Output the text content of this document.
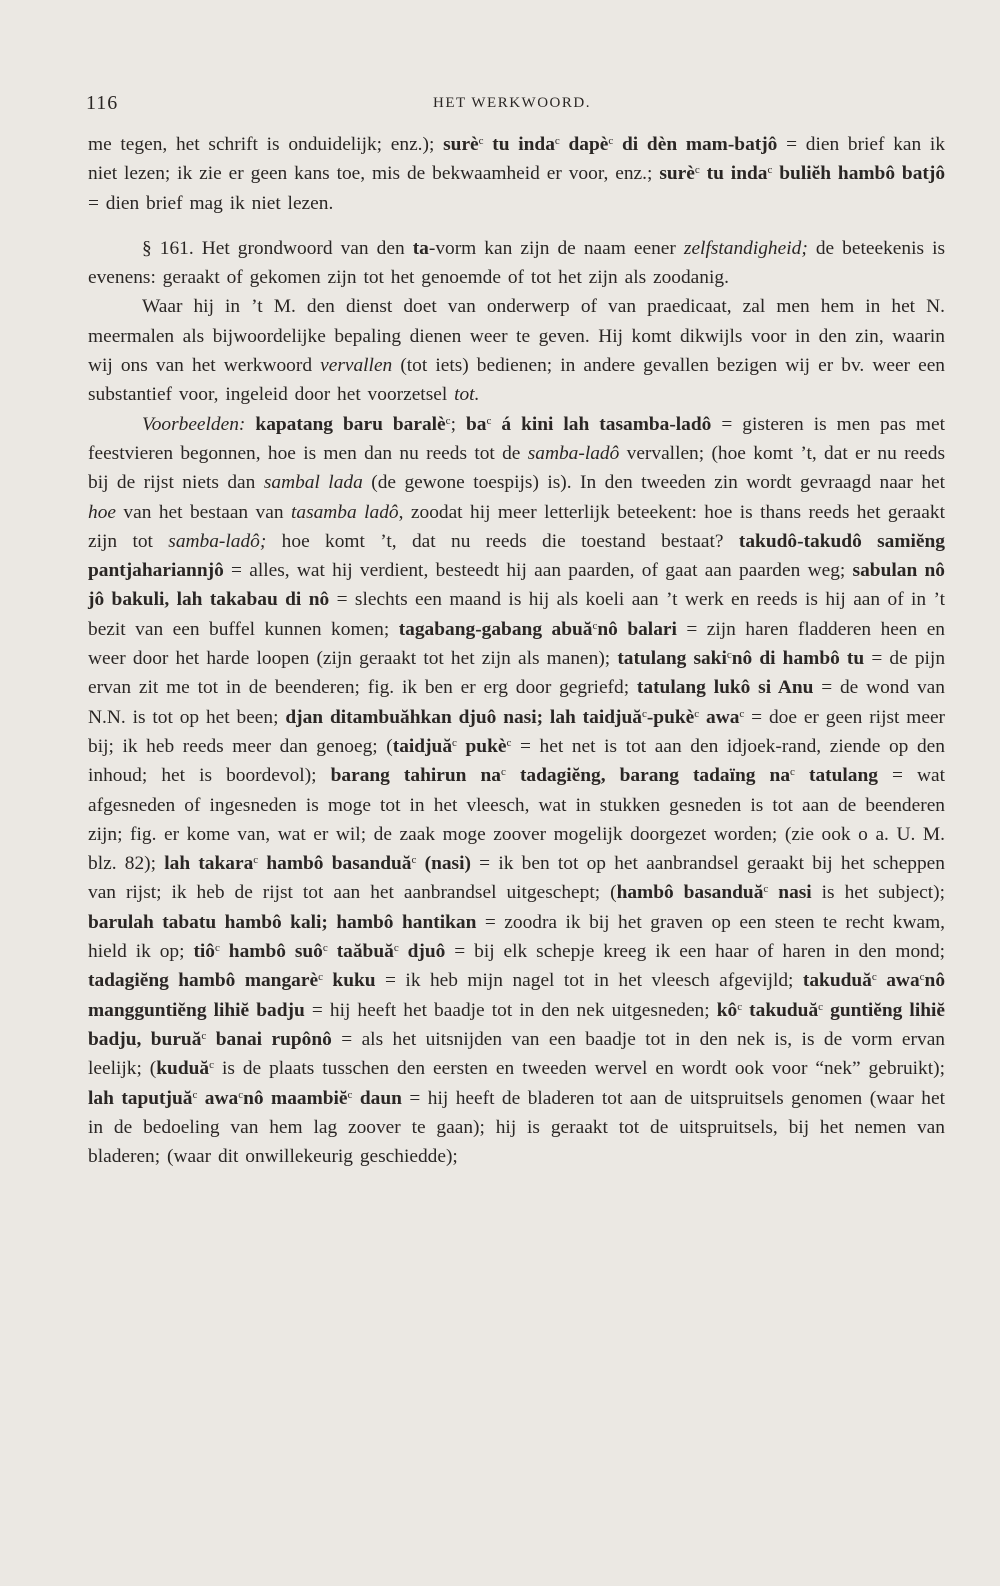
116	HET WERKWOORD.

me tegen, het schrift is onduidelijk; enz.); surè$^c$ tu inda$^c$ dapè$^c$ di dèn mam-batjô = dien brief kan ik niet lezen; ik zie er geen kans toe, mis de bekwaamheid er voor, enz.; surè$^c$ tu inda$^c$ buliĕh hambô batjô = dien brief mag ik niet lezen.

§ 161. Het grondwoord van den ta-vorm kan zijn de naam eener zelfstandigheid; de beteekenis is evenens: geraakt of gekomen zijn tot het genoemde of tot het zijn als zoodanig.

Waar hij in ’t M. den dienst doet van onderwerp of van praedicaat, zal men hem in het N. meermalen als bijwoordelijke bepaling dienen weer te geven. Hij komt dikwijls voor in den zin, waarin wij ons van het werkwoord vervallen (tot iets) bedienen; in andere gevallen bezigen wij er bv. weer een substantief voor, ingeleid door het voorzetsel tot.

Voorbeelden: kapatang baru baralè$^c$; $ba^c$ á kini lah tasamba-ladô = gisteren is men pas met feestvieren begonnen, hoe is men dan nu reeds tot de samba-ladô vervallen; (hoe komt ’t, dat er nu reeds bij de rijst niets dan sambal lada (de gewone toespijs) is). In den tweeden zin wordt gevraagd naar het hoe van het bestaan van tasamba ladô, zoodat hij meer letterlijk beteekent: hoe is thans reeds het geraakt zijn tot samba-ladô; hoe komt ’t, dat nu reeds die toestand bestaat? takudô-takudô samiĕng pantjahariannjô = alles, wat hij verdient, besteedt hij aan paarden, of gaat aan paarden weg; sabulan nô jô bakuli, lah takabau di nô = slechts een maand is hij als koeli aan ’t werk en reeds is hij aan of in ’t bezit van een buffel kunnen komen; tagabang-gabang abuă$^c$nô balari = zijn haren fladderen heen en weer door het harde loopen (zijn geraakt tot het zijn als manen); tatulang saki$^c$nô di hambô tu = de pijn ervan zit me tot in de beenderen; fig. ik ben er erg door gegriefd; tatulang lukô si Anu = de wond van N.N. is tot op het been; djan ditambuăhkan djuô nasi; lah taidjuă$^c$-pukè$^c$ awa$^c$ = doe er geen rijst meer bij; ik heb reeds meer dan genoeg; (taidjuă$^c$ pukè$^c$ = het net is tot aan den idjoek-rand, ziende op den inhoud; het is boordevol); barang tahirun $na^c$ tadagiĕng, barang tadaïng $na^c$ tatulang = wat afgesneden of ingesneden is moge tot in het vleesch, wat in stukken gesneden is tot aan de beenderen zijn; fig. er kome van, wat er wil; de zaak moge zoover mogelijk doorgezet worden; (zie ook o a. U. M. blz. 82); lah takara$^c$ hambô basanduă$^c$ (nasi) = ik ben tot op het aanbrandsel geraakt bij het scheppen van rijst; ik heb de rijst tot aan het aanbrandsel uitgeschept; (hambô basanduă$^c$ nasi is het subject); barulah tabatu hambô kali; hambô hantikan = zoodra ik bij het graven op een steen te recht kwam, hield ik op; tiô$^c$ hambô suô$^c$ taăbuă$^c$ djuô = bij elk schepje kreeg ik een haar of haren in den mond; tadagiĕng hambô mangarè$^c$ kuku = ik heb mijn nagel tot in het vleesch afgevijld; takuduă$^c$ awa$^c$nô mangguntiĕng lihiĕ badju = hij heeft het baadje tot in den nek uitgesneden; $kô^c$ takuduă$^c$ guntiĕng lihiĕ badju, buruă$^c$ banai rupônô = als het uitsnijden van een baadje tot in den nek is, is de vorm ervan leelijk; (kuduă$^c$ is de plaats tusschen den eersten en tweeden wervel en wordt ook voor “nek” gebruikt); lah taputjuă$^c$ awa$^c$nô maambiĕ$^c$ daun = hij heeft de bladeren tot aan de uitspruitsels genomen (waar het in de bedoeling van hem lag zoover te gaan); hij is geraakt tot de uitspruitsels, bij het nemen van bladeren; (waar dit onwillekeurig geschiedde);
